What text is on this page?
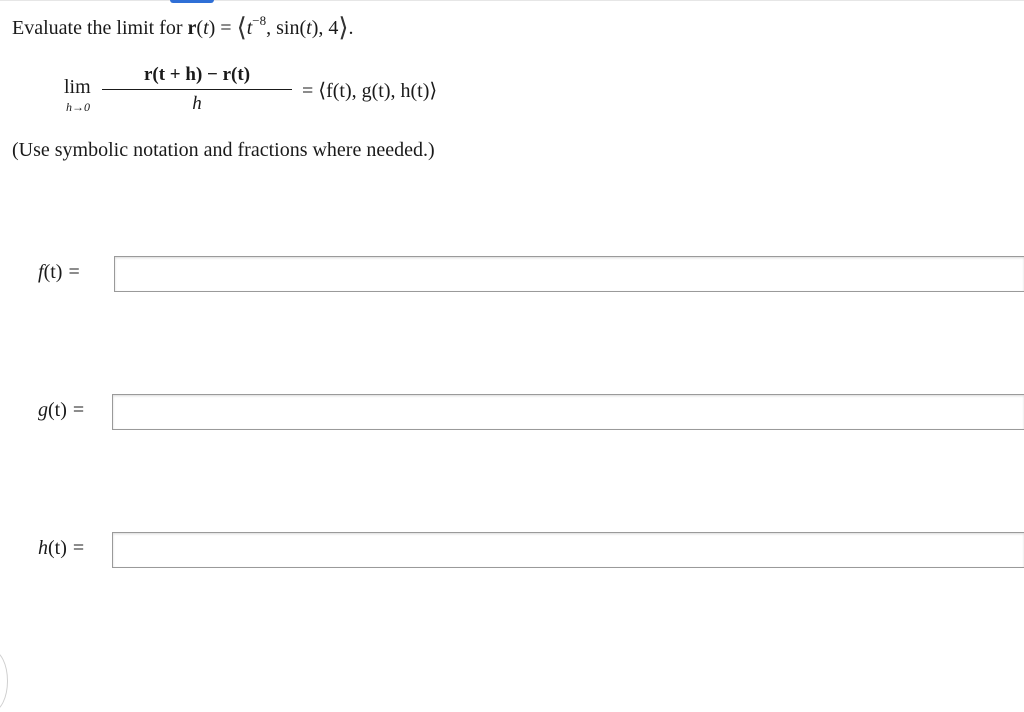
Evaluate the limit for $r(t) = ⟨t^{-8}$, sin(t), 4⟩.
lim
h→0
r(t + h) − r(t)
h
= ⟨f(t), g(t), h(t)⟩
(Use symbolic notation and fractions where needed.)
f(t) =
g(t) =
h(t) =
